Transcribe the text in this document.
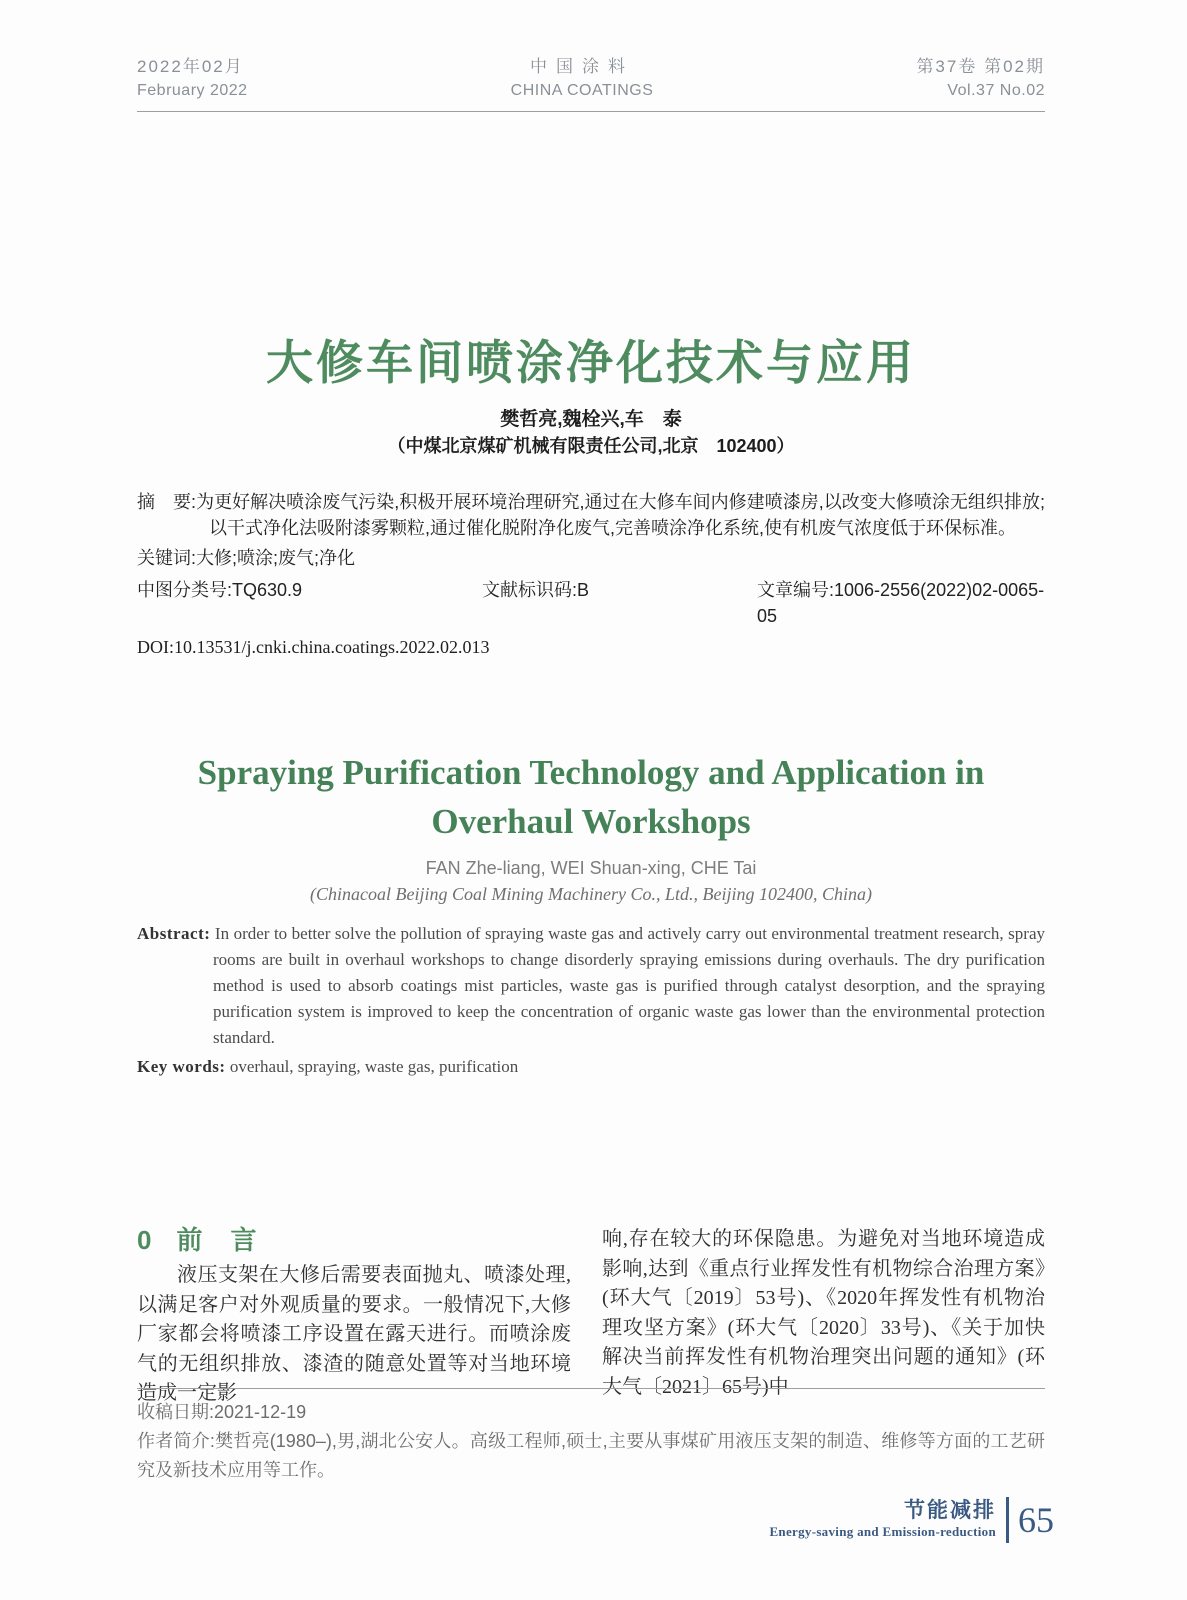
2022年02月
February 2022
中国涂料
CHINA COATINGS
第37卷 第02期
Vol.37 No.02
大修车间喷涂净化技术与应用
樊哲亮,魏栓兴,车　泰
（中煤北京煤矿机械有限责任公司,北京　102400）

摘　要:为更好解决喷涂废气污染,积极开展环境治理研究,通过在大修车间内修建喷漆房,以改变大修喷涂无组织排放;以干式净化法吸附漆雾颗粒,通过催化脱附净化废气,完善喷涂净化系统,使有机废气浓度低于环保标准。

关键词:大修;喷涂;废气;净化

中图分类号:TQ630.9	文献标识码:B	文章编号:1006-2556(2022)02-0065-05
DOI:10.13531/j.cnki.china.coatings.2022.02.013
Spraying Purification Technology and Application in
Overhaul Workshops
FAN Zhe-liang, WEI Shuan-xing, CHE Tai
(Chinacoal Beijing Coal Mining Machinery Co., Ltd., Beijing 102400, China)

Abstract: In order to better solve the pollution of spraying waste gas and actively carry out environmental treatment research, spray rooms are built in overhaul workshops to change disorderly spraying emissions during overhauls. The dry purification method is used to absorb coatings mist particles, waste gas is purified through catalyst desorption, and the spraying purification system is improved to keep the concentration of organic waste gas lower than the environmental protection standard.

Key words: overhaul, spraying, waste gas, purification

0 前　言

液压支架在大修后需要表面抛丸、喷漆处理,以满足客户对外观质量的要求。一般情况下,大修厂家都会将喷漆工序设置在露天进行。而喷涂废气的无组织排放、漆渣的随意处置等对当地环境造成一定影

响,存在较大的环保隐患。为避免对当地环境造成影响,达到《重点行业挥发性有机物综合治理方案》(环大气〔2019〕53号)、《2020年挥发性有机物治理攻坚方案》(环大气〔2020〕33号)、《关于加快解决当前挥发性有机物治理突出问题的通知》(环大气〔2021〕65号)中

收稿日期:2021-12-19

作者简介:樊哲亮(1980–),男,湖北公安人。高级工程师,硕士,主要从事煤矿用液压支架的制造、维修等方面的工艺研究及新技术应用等工作。

节能减排
Energy-saving and Emission-reduction 65
